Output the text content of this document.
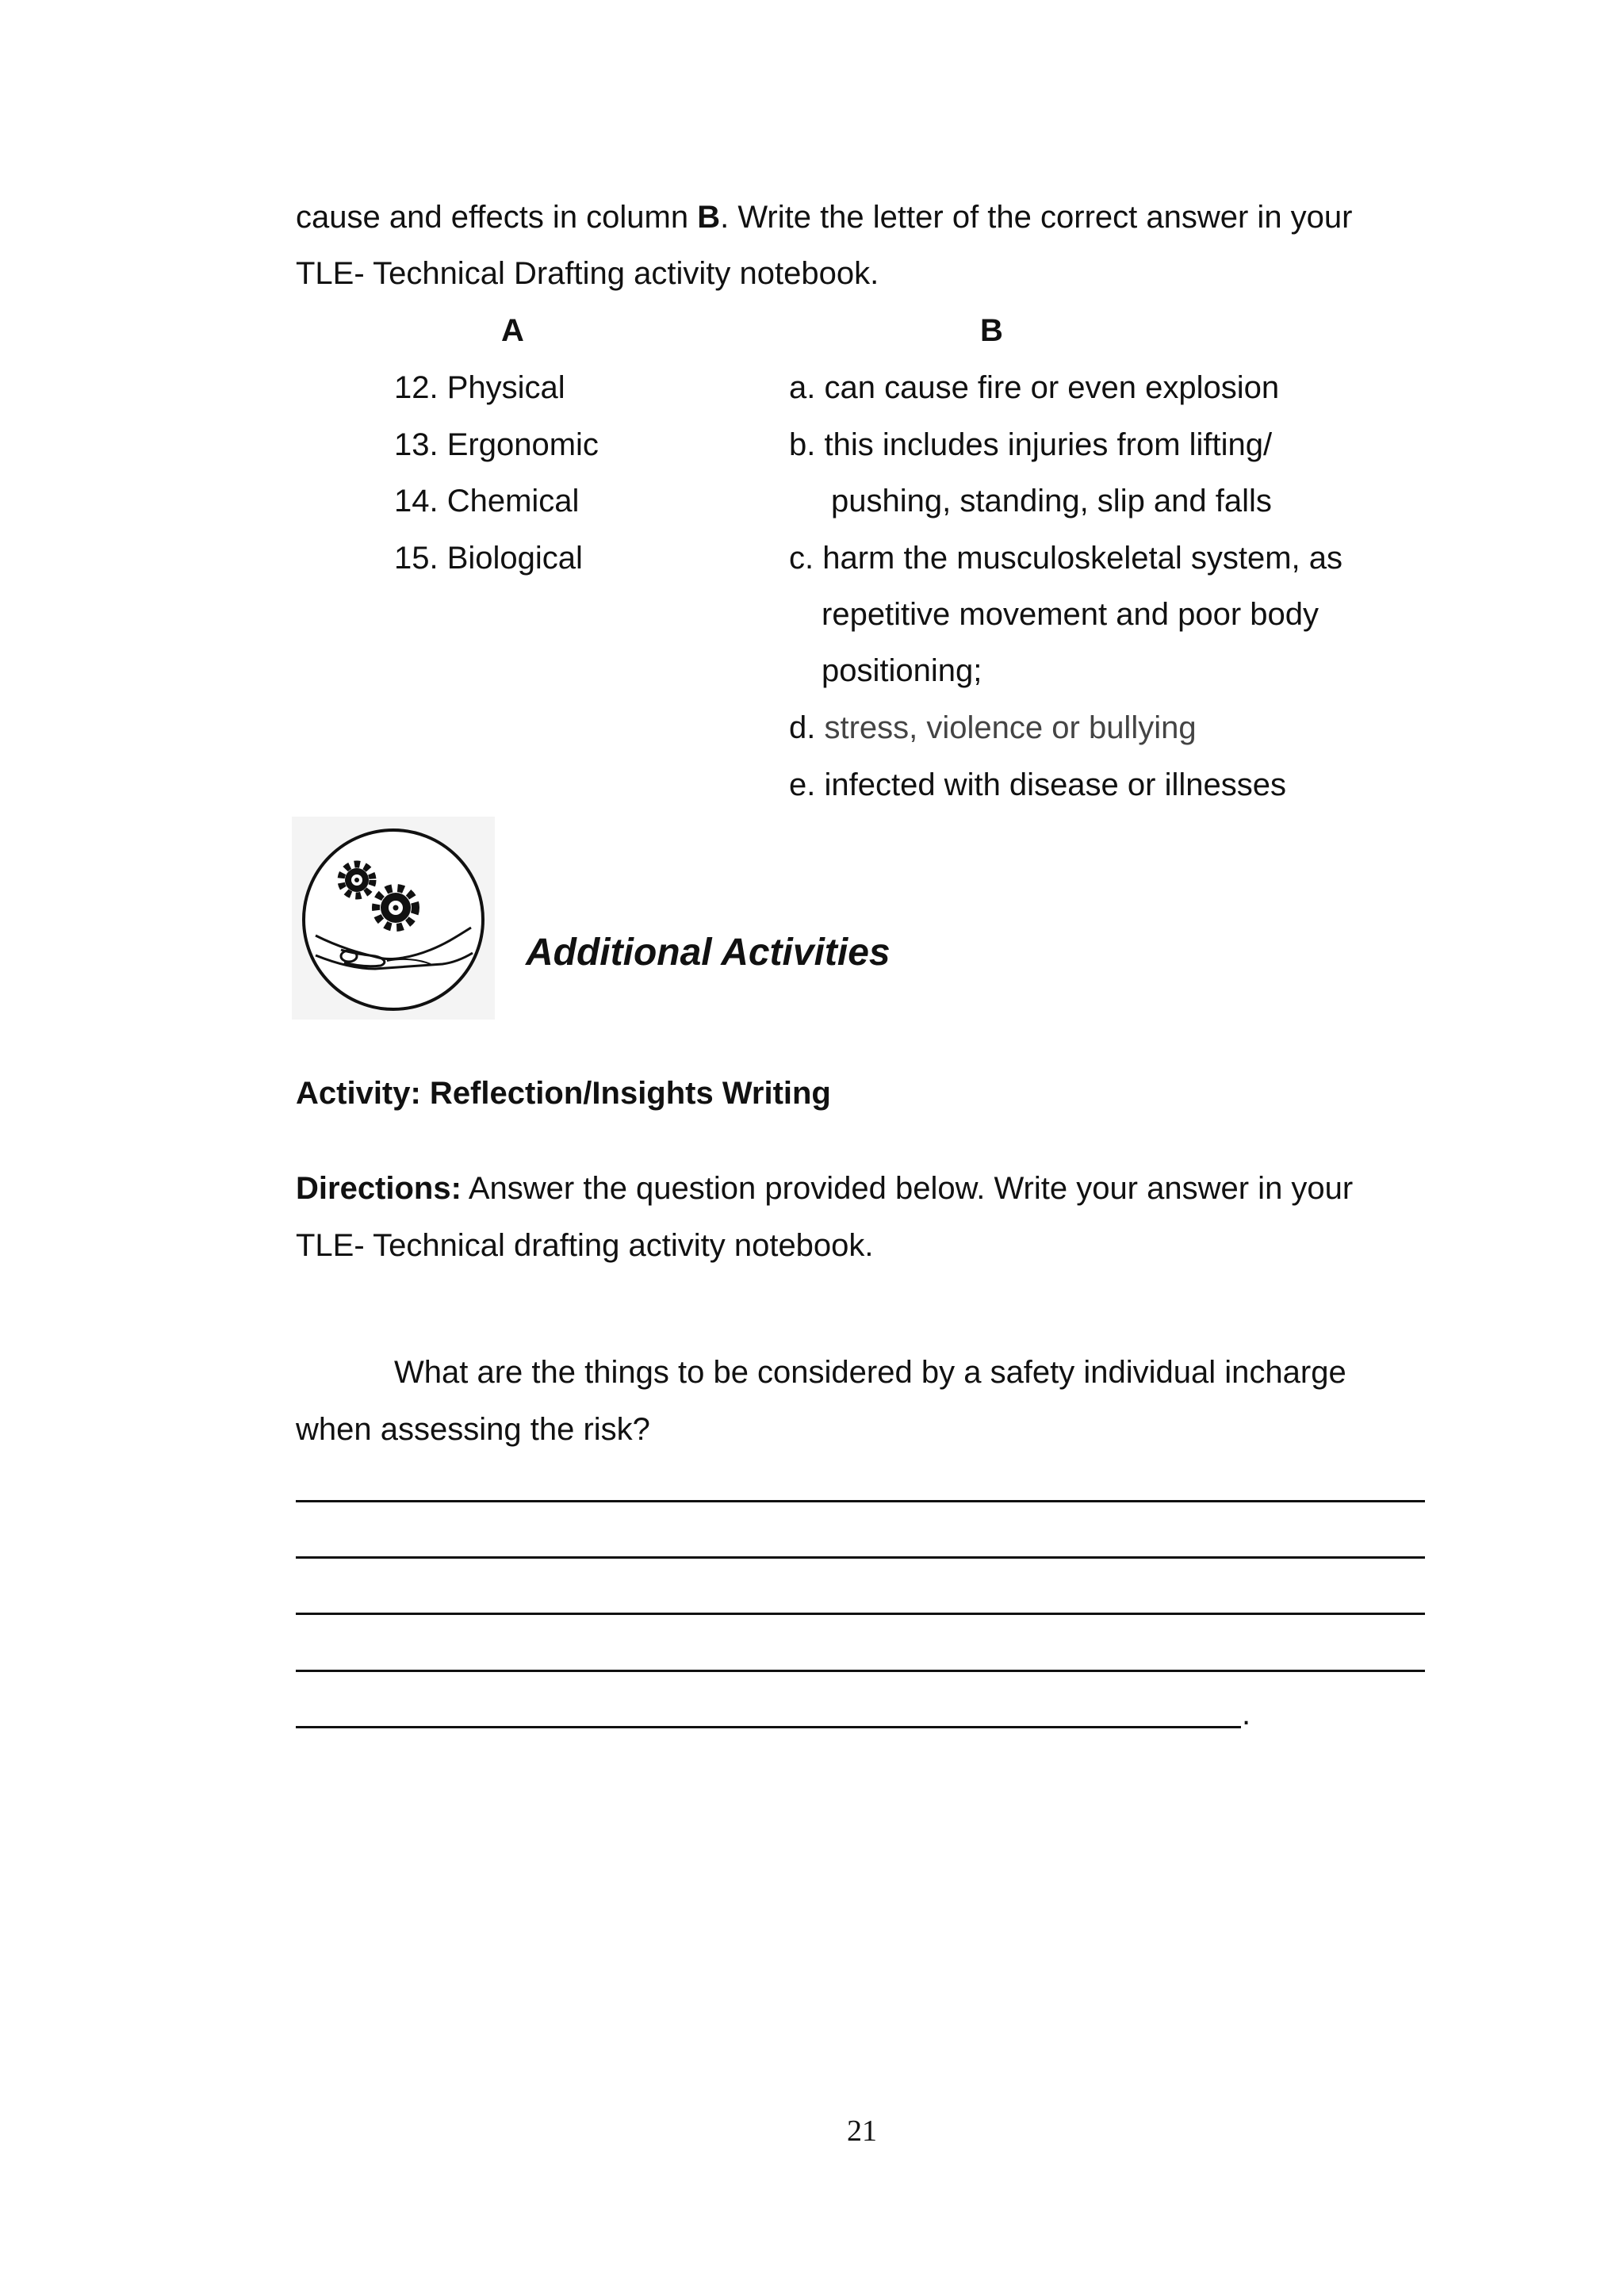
cause and effects in column B. Write the letter of the correct answer in your
TLE- Technical Drafting activity notebook.
A	B
12. Physical
13. Ergonomic
14. Chemical
15. Biological
a. can cause fire or even explosion
b. this includes injuries from lifting/
pushing, standing, slip and falls
c. harm the musculoskeletal system, as
repetitive movement and poor body
positioning;
d. stress, violence or bullying
e. infected with disease or illnesses
Additional Activities
Activity: Reflection/Insights Writing
Directions: Answer the question provided below. Write your answer in your
TLE- Technical drafting activity notebook.
What are the things to be considered by a safety individual incharge
when assessing the risk?
.
21
